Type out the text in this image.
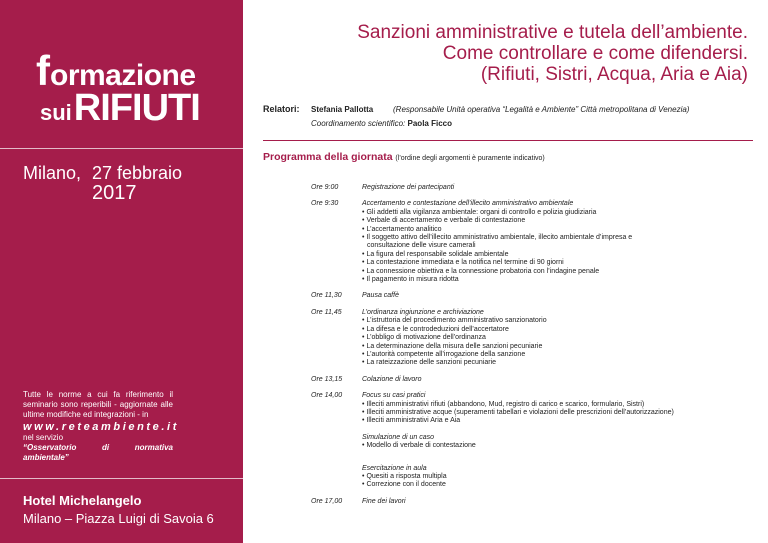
f ormazione
sui RIFIUTI
Milano, 27 febbraio
2017
Tutte le norme a cui fa riferimento il seminario sono reperibili - aggiornate alle ultime modifiche ed integrazioni - in
www.reteambiente.it
nel servizio
“Osservatorio di normativa ambientale”
Hotel Michelangelo
Milano – Piazza Luigi di Savoia 6
Sanzioni amministrative e tutela dell’ambiente.
Come controllare e come difendersi.
(Rifiuti, Sistri, Acqua, Aria e Aia)
Relatori: Stefania Pallotta (Responsabile Unità operativa “Legalità e Ambiente” Città metropolitana di Venezia)
Coordinamento scientifico: Paola Ficco
Programma della giornata (l’ordine degli argomenti è puramente indicativo)
Ore 9:00	Registrazione dei partecipanti
Ore 9:30	Accertamento e contestazione dell’illecito amministrativo ambientale
• Gli addetti alla vigilanza ambientale: organi di controllo e polizia giudiziaria
• Verbale di accertamento e verbale di contestazione
• L’accertamento analitico
• Il soggetto attivo dell’illecito amministrativo ambientale, illecito ambientale d’impresa e consultazione delle visure camerali
• La figura del responsabile solidale ambientale
• La contestazione immediata e la notifica nel termine di 90 giorni
• La connessione obiettiva e la connessione probatoria con l’indagine penale
• Il pagamento in misura ridotta
Ore 11,30	Pausa caffè
Ore 11,45	L’ordinanza ingiunzione e archiviazione
• L’istruttoria del procedimento amministrativo sanzionatorio
• La difesa e le controdeduzioni dell’accertatore
• L’obbligo di motivazione dell’ordinanza
• La determinazione della misura delle sanzioni pecuniarie
• L’autorità competente all’irrogazione della sanzione
• La rateizzazione delle sanzioni pecuniarie
Ore 13,15	Colazione di lavoro
Ore 14,00	Focus su casi pratici
• Illeciti amministrativi rifiuti (abbandono, Mud, registro di carico e scarico, formulario, Sistri)
• Illeciti amministrative acque (superamenti tabellari e violazioni delle prescrizioni dell’autorizzazione)
• Illeciti amministrativi Aria e Aia
Simulazione di un caso
• Modello di verbale di contestazione
Esercitazione in aula
• Quesiti a risposta multipla
• Correzione con il docente
Ore 17,00	Fine dei lavori
